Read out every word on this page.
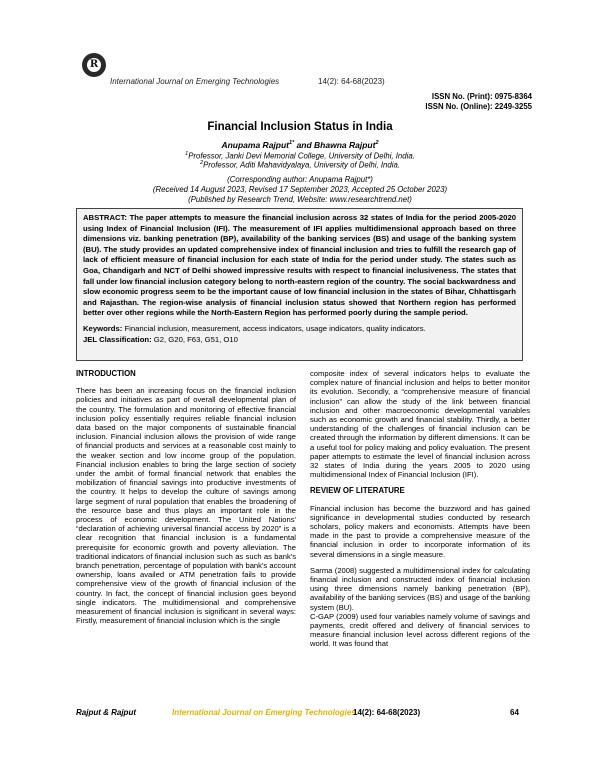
R
International Journal on Emerging Technologies	14(2): 64-68(2023)
ISSN No. (Print): 0975-8364
ISSN No. (Online): 2249-3255
Financial Inclusion Status in India
Anupama Rajput$^{1*}$ and Bhawna Rajput$^2$
$^1$Professor, Janki Devi Memorial College, University of Delhi, India.
$^2$Professor, Aditi Mahavidyalaya, University of Delhi, India.
(Corresponding author: Anupama Rajput*)
(Received 14 August 2023, Revised 17 September 2023, Accepted 25 October 2023)
(Published by Research Trend, Website: www.researchtrend.net)
ABSTRACT: The paper attempts to measure the financial inclusion across 32 states of India for the period 2005-2020 using Index of Financial Inclusion (IFI). The measurement of IFI applies multidimensional approach based on three dimensions viz. banking penetration (BP), availability of the banking services (BS) and usage of the banking system (BU). The study provides an updated comprehensive index of financial inclusion and tries to fulfill the research gap of lack of efficient measure of financial inclusion for each state of India for the period under study. The states such as Goa, Chandigarh and NCT of Delhi showed impressive results with respect to financial inclusiveness. The states that fall under low financial inclusion category belong to north-eastern region of the country. The social backwardness and slow economic progress seem to be the important cause of low financial inclusion in the states of Bihar, Chhattisgarh and Rajasthan. The region-wise analysis of financial inclusion status showed that Northern region has performed better over other regions while the North-Eastern Region has performed poorly during the sample period.
Keywords: Financial inclusion, measurement, access indicators, usage indicators, quality indicators.
JEL Classification: G2, G20, F63, G51, O10
INTRODUCTION
There has been an increasing focus on the financial inclusion policies and initiatives as part of overall developmental plan of the country. The formulation and monitoring of effective financial inclusion policy essentially requires reliable financial inclusion data based on the major components of sustainable financial inclusion. Financial inclusion allows the provision of wide range of financial products and services at a reasonable cost mainly to the weaker section and low income group of the population. Financial inclusion enables to bring the large section of society under the ambit of formal financial network that enables the mobilization of financial savings into productive investments of the country. It helps to develop the culture of savings among large segment of rural population that enables the broadening of the resource base and thus plays an important role in the process of economic development. The United Nations' “declaration of achieving universal financial access by 2020” is a clear recognition that financial inclusion is a fundamental prerequisite for economic growth and poverty alleviation. The traditional indicators of financial inclusion such as such as bank's branch penetration, percentage of population with bank's account ownership, loans availed or ATM penetration fails to provide comprehensive view of the growth of financial inclusion of the country. In fact, the concept of financial inclusion goes beyond single indicators. The multidimensional and comprehensive measurement of financial inclusion is significant in several ways: Firstly, measurement of financial inclusion which is the single
composite index of several indicators helps to evaluate the complex nature of financial inclusion and helps to better monitor its evolution. Secondly, a “comprehensive measure of financial inclusion” can allow the study of the link between financial inclusion and other macroeconomic developmental variables such as economic growth and financial stability. Thirdly, a better understanding of the challenges of financial inclusion can be created through the information by different dimensions. It can be a useful tool for policy making and policy evaluation. The present paper attempts to estimate the level of financial inclusion across 32 states of India during the years 2005 to 2020 using multidimensional Index of Financial Inclusion (IFI).
REVIEW OF LITERATURE
Financial inclusion has become the buzzword and has gained significance in developmental studies conducted by research scholars, policy makers and economists. Attempts have been made in the past to provide a comprehensive measure of the financial inclusion in order to incorporate information of its several dimensions in a single measure.
Sarma (2008) suggested a multidimensional index for calculating financial inclusion and constructed index of financial inclusion using three dimensions namely banking penetration (BP), availability of the banking services (BS) and usage of the banking system (BU).
C-GAP (2009) used four variables namely volume of savings and payments, credit offered and delivery of financial services to measure financial inclusion level across different regions of the world. It was found that
Rajput & Rajput	International Journal on Emerging Technologies
14(2): 64-68(2023)	64
